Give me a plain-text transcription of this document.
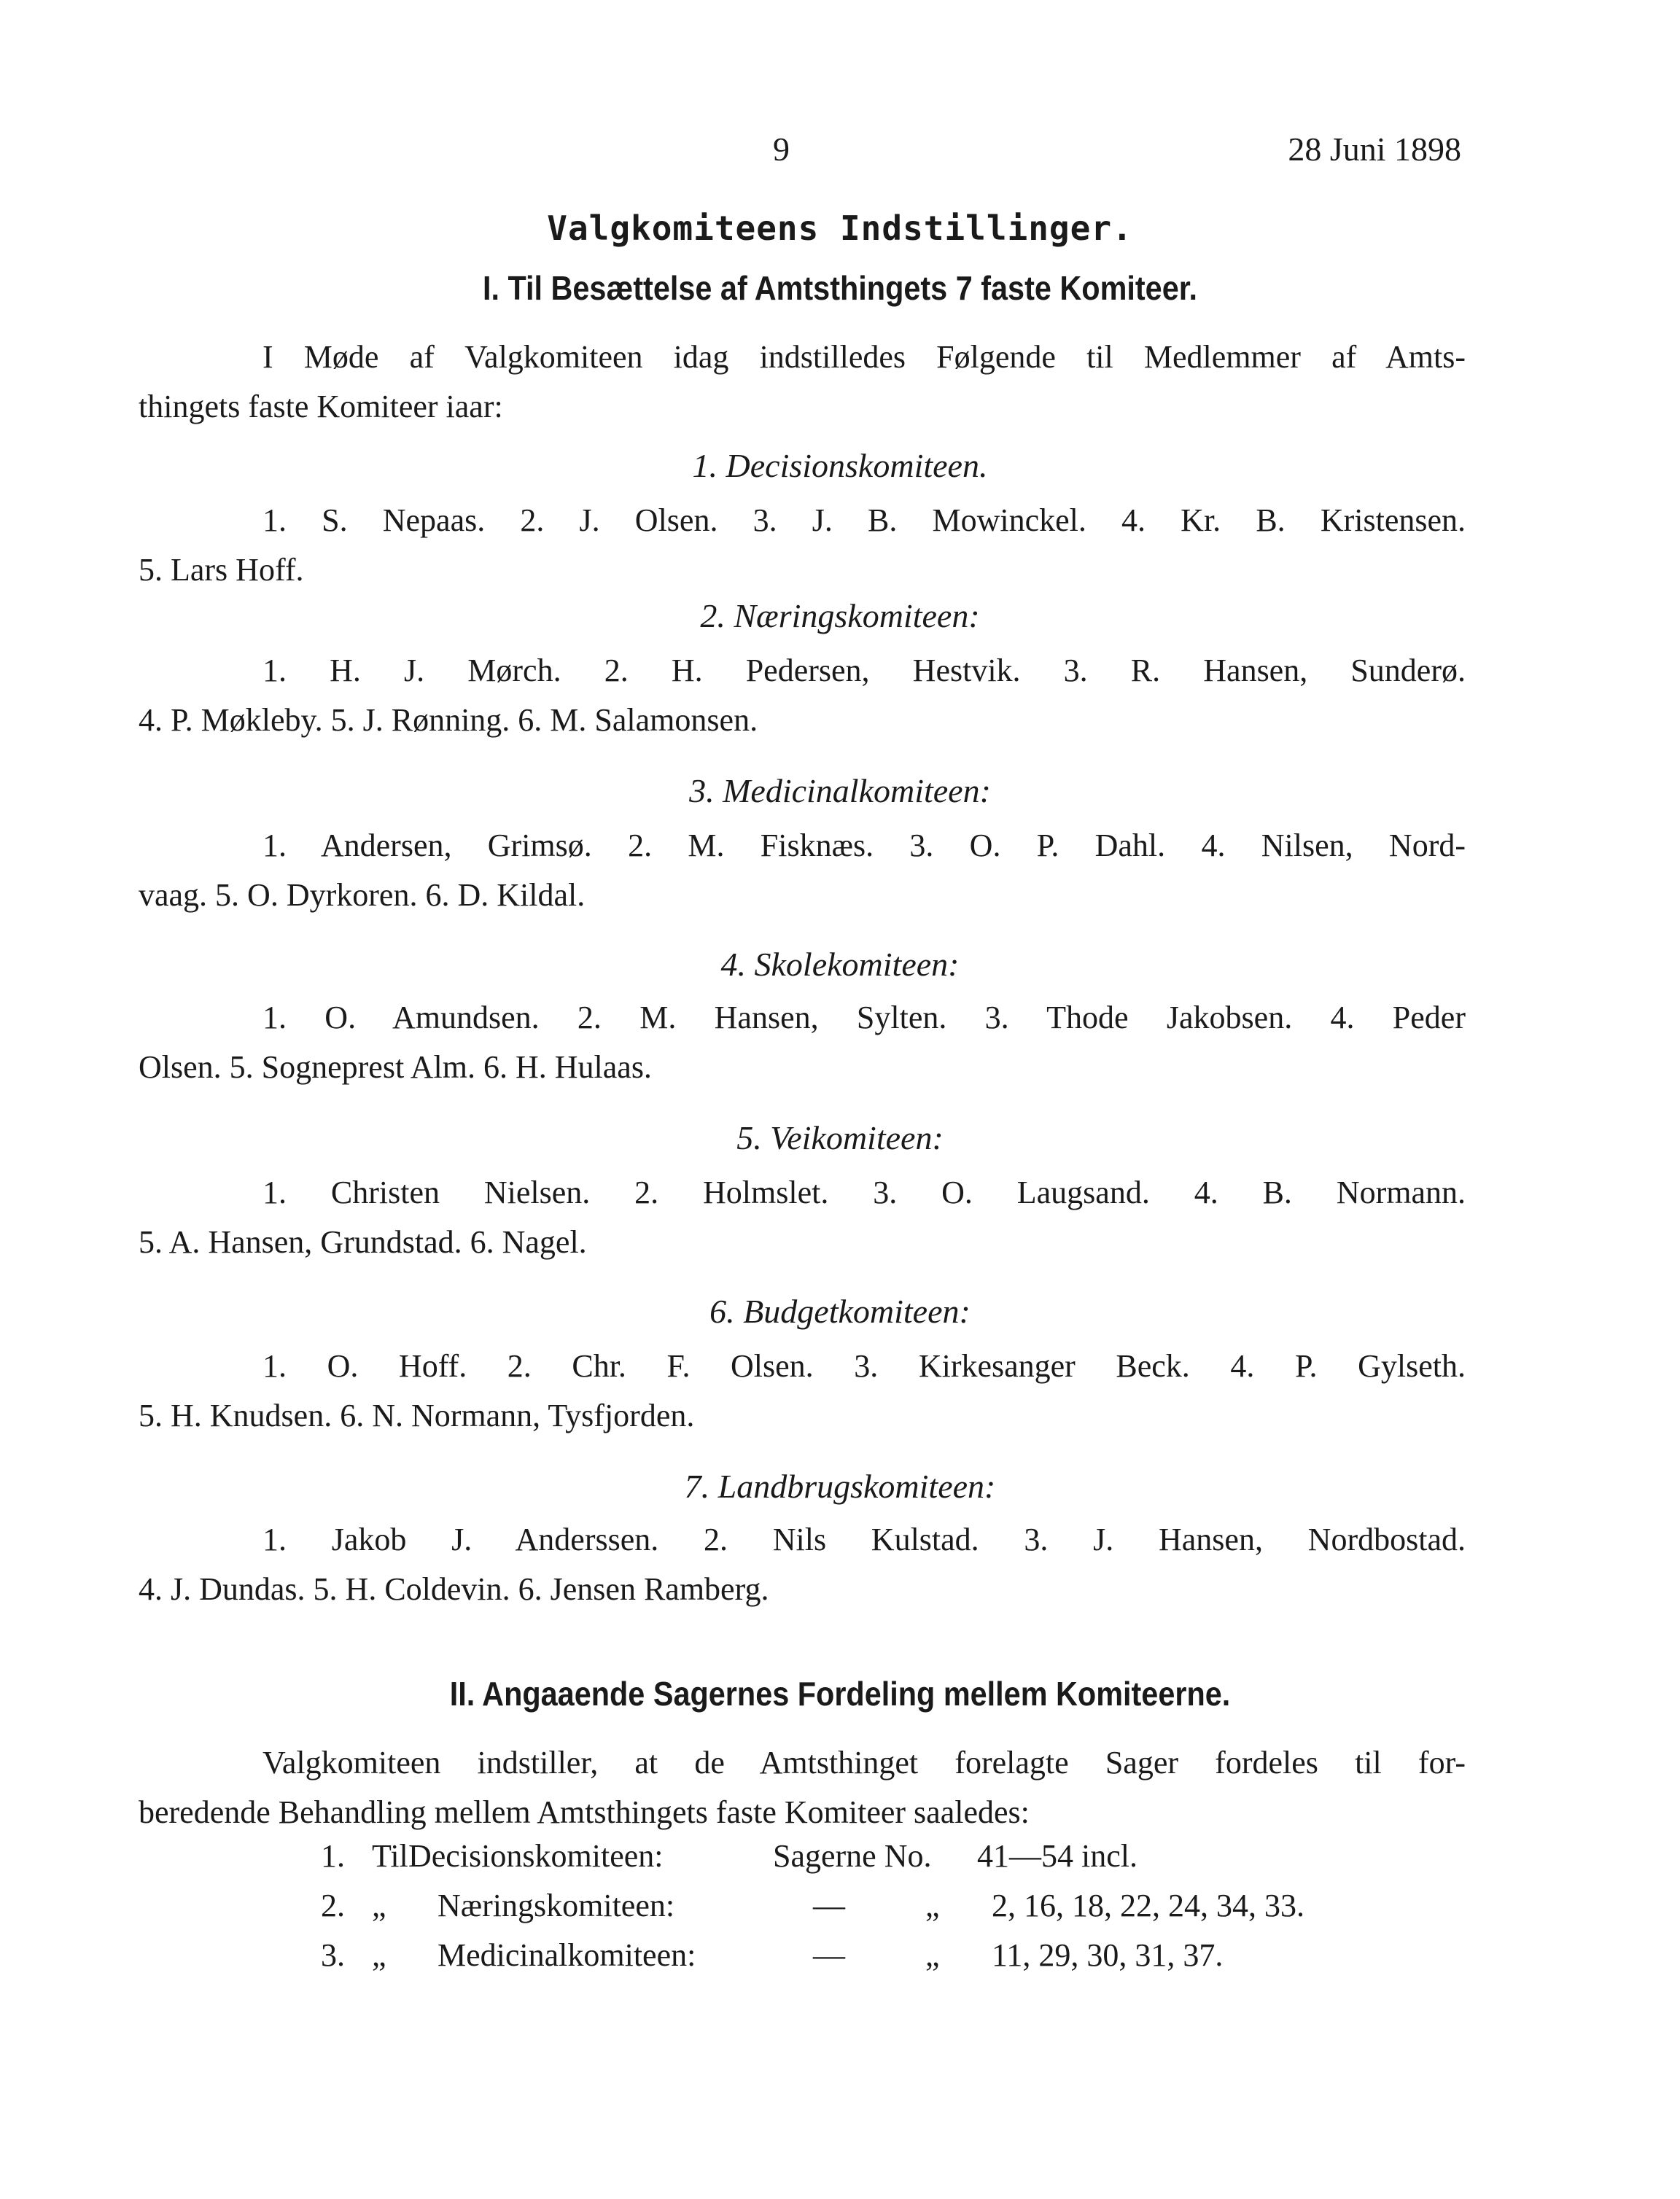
9	28 Juni 1898
Valgkomiteens Indstillinger.
I. Til Besættelse af Amtsthingets 7 faste Komiteer.
I Møde af Valgkomiteen idag indstilledes Følgende til Medlemmer af Amts-
thingets faste Komiteer iaar:
1. Decisionskomiteen.
1. S. Nepaas. 2. J. Olsen. 3. J. B. Mowinckel. 4. Kr. B. Kristensen.
5. Lars Hoff.
2. Næringskomiteen:
1. H. J. Mørch. 2. H. Pedersen, Hestvik. 3. R. Hansen, Sunderø.
4. P. Møkleby. 5. J. Rønning. 6. M. Salamonsen.
3. Medicinalkomiteen:
1. Andersen, Grimsø. 2. M. Fisknæs. 3. O. P. Dahl. 4. Nilsen, Nord-
vaag. 5. O. Dyrkoren. 6. D. Kildal.
4. Skolekomiteen:
1. O. Amundsen. 2. M. Hansen, Sylten. 3. Thode Jakobsen. 4. Peder
Olsen. 5. Sogneprest Alm. 6. H. Hulaas.
5. Veikomiteen:
1. Christen Nielsen. 2. Holmslet. 3. O. Laugsand. 4. B. Normann.
5. A. Hansen, Grundstad. 6. Nagel.
6. Budgetkomiteen:
1. O. Hoff. 2. Chr. F. Olsen. 3. Kirkesanger Beck. 4. P. Gylseth.
5. H. Knudsen. 6. N. Normann, Tysfjorden.
7. Landbrugskomiteen:
1. Jakob J. Anderssen. 2. Nils Kulstad. 3. J. Hansen, Nordbostad.
4. J. Dundas. 5. H. Coldevin. 6. Jensen Ramberg.
II. Angaaende Sagernes Fordeling mellem Komiteerne.
Valgkomiteen indstiller, at de Amtsthinget forelagte Sager fordeles til for-
beredende Behandling mellem Amtsthingets faste Komiteer saaledes:
1. Til Decisionskomiteen:	Sagerne No. 41—54 incl.
2. „ Næringskomiteen:	—          „ 2, 16, 18, 22, 24, 34, 33.
3. „ Medicinalkomiteen:	—          „ 11, 29, 30, 31, 37.
